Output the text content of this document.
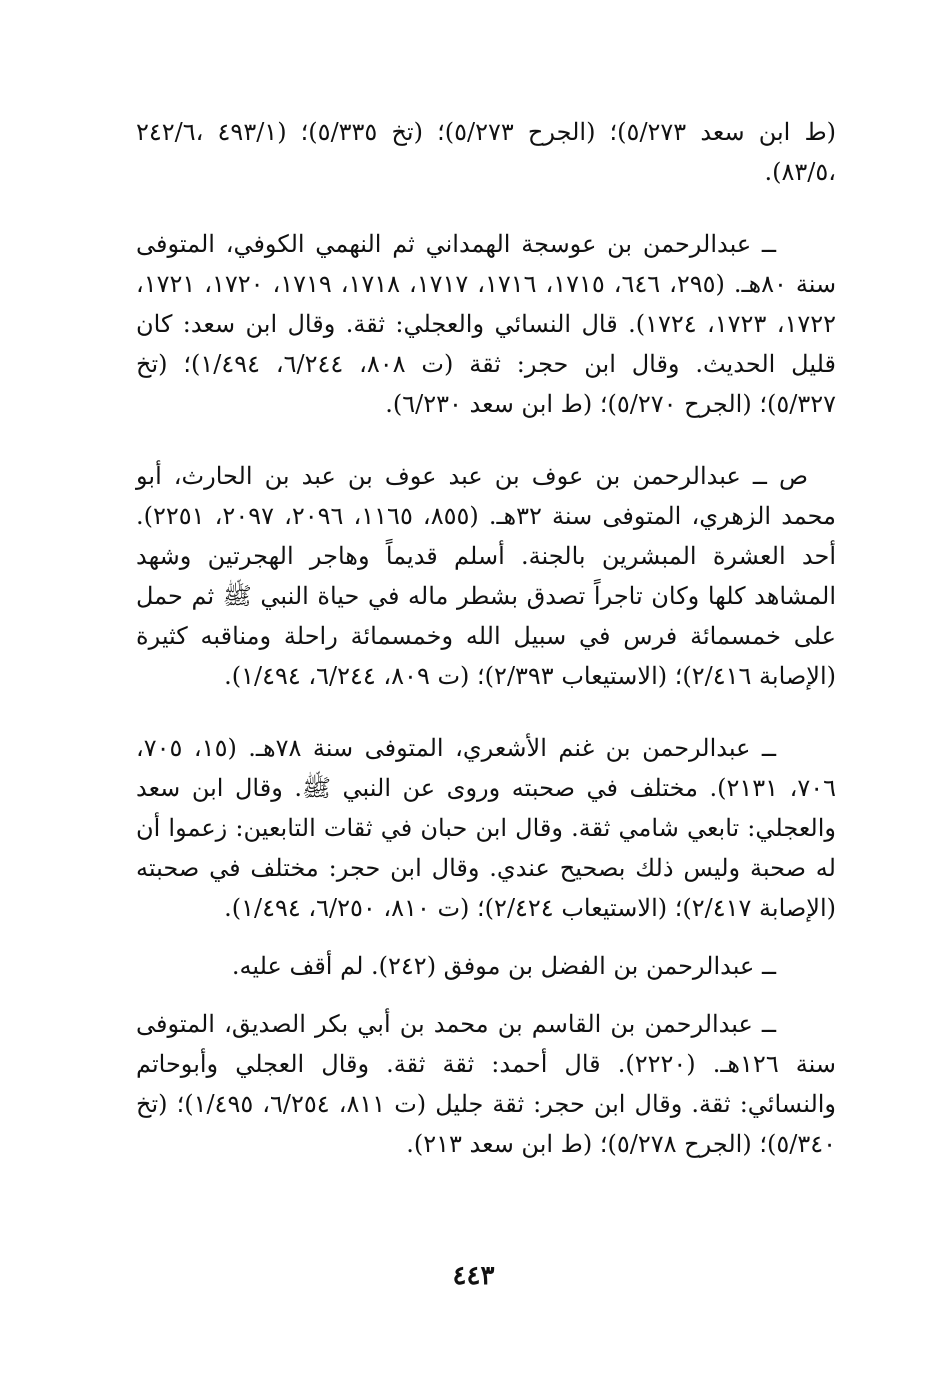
(ط ابن سعد ٥/٢٧٣)؛ (الجرح ٥/٢٧٣)؛ (تخ ٥/٣٣٥)؛ (٤٩٣/١ ،٢٤٢/٦ ،٨٣/٥).

ــ عبدالرحمن بن عوسجة الهمداني ثم النهمي الكوفي، المتوفى سنة ٨٠هـ. (٢٩٥، ٦٤٦، ١٧١٥، ١٧١٦، ١٧١٧، ١٧١٨، ١٧١٩، ١٧٢٠، ١٧٢١، ١٧٢٢، ١٧٢٣، ١٧٢٤). قال النسائي والعجلي: ثقة. وقال ابن سعد: كان قليل الحديث. وقال ابن حجر: ثقة (ت ٨٠٨، ٦/٢٤٤، ١/٤٩٤)؛ (تخ ٥/٣٢٧)؛ (الجرح ٥/٢٧٠)؛ (ط ابن سعد ٦/٢٣٠).

ص ــ عبدالرحمن بن عوف بن عبد عوف بن عبد بن الحارث، أبو محمد الزهري، المتوفى سنة ٣٢هـ. (٨٥٥، ١١٦٥، ٢٠٩٦، ٢٠٩٧، ٢٢٥١). أحد العشرة المبشرين بالجنة. أسلم قديماً وهاجر الهجرتين وشهد المشاهد كلها وكان تاجراً تصدق بشطر ماله في حياة النبي ﷺ ثم حمل على خمسمائة فرس في سبيل الله وخمسمائة راحلة ومناقبه كثيرة (الإصابة ٢/٤١٦)؛ (الاستيعاب ٢/٣٩٣)؛ (ت ٨٠٩، ٦/٢٤٤، ١/٤٩٤).

ــ عبدالرحمن بن غنم الأشعري، المتوفى سنة ٧٨هـ. (١٥، ٧٠٥، ٧٠٦، ٢١٣١). مختلف في صحبته وروى عن النبي ﷺ. وقال ابن سعد والعجلي: تابعي شامي ثقة. وقال ابن حبان في ثقات التابعين: زعموا أن له صحبة وليس ذلك بصحيح عندي. وقال ابن حجر: مختلف في صحبته (الإصابة ٢/٤١٧)؛ (الاستيعاب ٢/٤٢٤)؛ (ت ٨١٠، ٦/٢٥٠، ١/٤٩٤).

ــ عبدالرحمن بن الفضل بن موفق (٢٤٢). لم أقف عليه.

ــ عبدالرحمن بن القاسم بن محمد بن أبي بكر الصديق، المتوفى سنة ١٢٦هـ. (٢٢٢٠). قال أحمد: ثقة ثقة. وقال العجلي وأبوحاتم والنسائي: ثقة. وقال ابن حجر: ثقة جليل (ت ٨١١، ٦/٢٥٤، ١/٤٩٥)؛ (تخ ٥/٣٤٠)؛ (الجرح ٥/٢٧٨)؛ (ط ابن سعد ٢١٣).

٤٤٣
